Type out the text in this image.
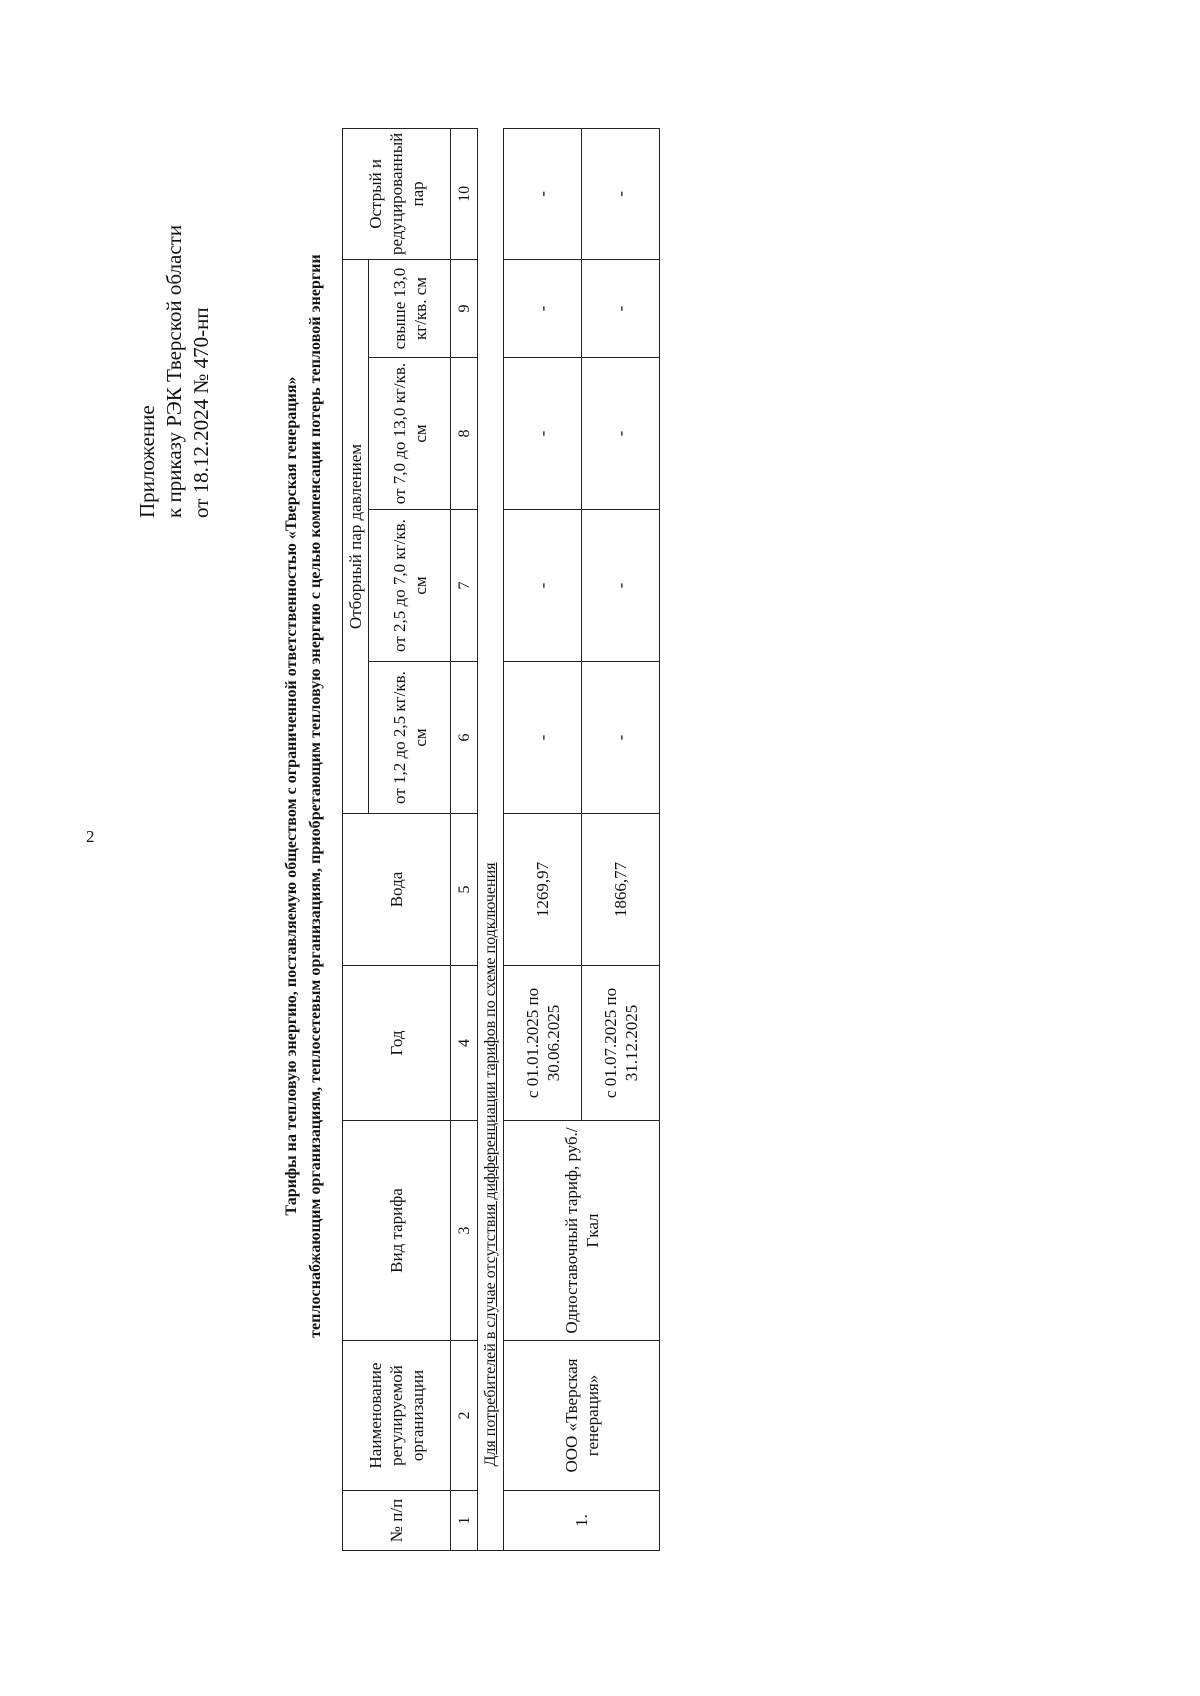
2
Приложение к приказу РЭК Тверской области от 18.12.2024 № 470-нп	Тарифы на тепловую энергию, поставляемую обществом с ограниченной ответственностью «Тверская генерация» теплоснабжающим организациям, теплосетевым организациям, приобретающим тепловую энергию с целью компенсации потерь тепловой энергии
№ п/п	Наименование регулируемой организации	Вид тарифа	Год	Вода	Отборный пар давлением				Острый и редуцированный пар
					от 1,2 до 2,5 кг/кв. см	от 2,5 до 7,0 кг/кв. см	от 7,0 до 13,0 кг/кв. см	свыше 13,0 кг/кв. см	
1	2	3	4	5	6	7	8	9	10
	Для потребителей в случае отсутствия дифференциации тарифов по схеме подключения								
1.	ООО «Тверская генерация»	Одноставочный тариф, руб./Гкал	с 01.01.2025 по 30.06.2025	1269,97	-	-	-	-	-
			с 01.07.2025 по 31.12.2025	1866,77	-	-	-	-	-
